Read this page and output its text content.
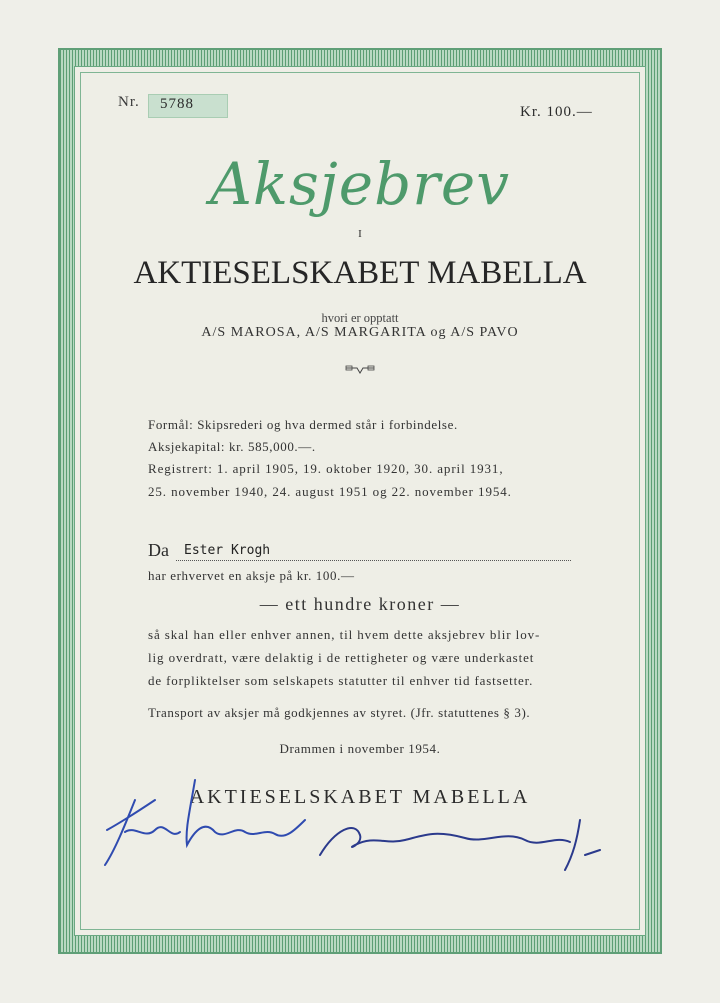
Nr. 5788	Kr. 100.—
Aksjebrev
I
AKTIESELSKABET MABELLA
hvori er opptatt
A/S MAROSA, A/S MARGARITA og A/S PAVO
Formål: Skipsrederi og hva dermed står i forbindelse.
Aksjekapital: kr. 585,000.—.
Registrert: 1. april 1905, 19. oktober 1920, 30. april 1931,
25. november 1940, 24. august 1951 og 22. november 1954.
Da Ester Krogh
har erhvervet en aksje på kr. 100.—
— ett hundre kroner —
så skal han eller enhver annen, til hvem dette aksjebrev blir lov-
lig overdratt, være delaktig i de rettigheter og være underkastet
de forpliktelser som selskapets statutter til enhver tid fastsetter.
Transport av aksjer må godkjennes av styret. (Jfr. statuttenes § 3).
Drammen i november 1954.
AKTIESELSKABET MABELLA
